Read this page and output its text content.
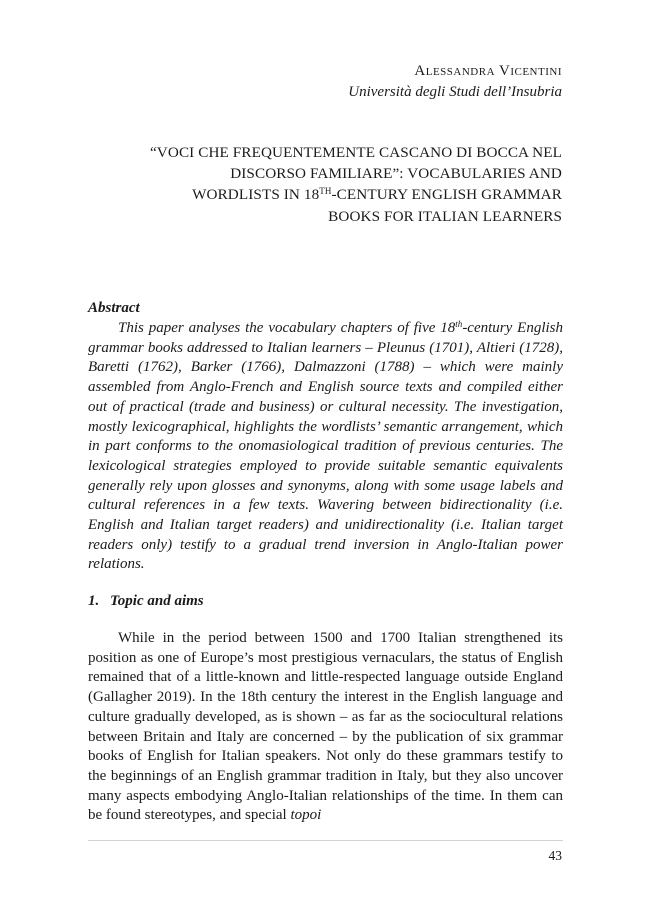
Alessandra Vicentini
Università degli Studi dell’Insubria
“VOCI CHE FREQUENTEMENTE CASCANO DI BOCCA NEL DISCORSO FAMILIARE”: VOCABULARIES AND WORDLISTS IN 18TH-CENTURY ENGLISH GRAMMAR BOOKS FOR ITALIAN LEARNERS
Abstract
This paper analyses the vocabulary chapters of five 18th-century English grammar books addressed to Italian learners – Pleunus (1701), Altieri (1728), Baretti (1762), Barker (1766), Dalmazzoni (1788) – which were mainly assembled from Anglo-French and English source texts and compiled either out of practical (trade and business) or cultural necessity. The investigation, mostly lexicographical, highlights the wordlists’ semantic arrangement, which in part conforms to the onomasiological tradition of previous centuries. The lexicological strategies employed to provide suitable semantic equivalents generally rely upon glosses and synonyms, along with some usage labels and cultural references in a few texts. Wavering between bidirectionality (i.e. English and Italian target readers) and unidirectionality (i.e. Italian target readers only) testify to a gradual trend inversion in Anglo-Italian power relations.
1. Topic and aims
While in the period between 1500 and 1700 Italian strengthened its position as one of Europe’s most prestigious vernaculars, the status of English remained that of a little-known and little-respected language outside England (Gallagher 2019). In the 18th century the interest in the English language and culture gradually developed, as is shown – as far as the sociocultural relations between Britain and Italy are concerned – by the publication of six grammar books of English for Italian speakers. Not only do these grammars testify to the beginnings of an English grammar tradition in Italy, but they also uncover many aspects embodying Anglo-Italian relationships of the time. In them can be found stereotypes, and special topoi
43
